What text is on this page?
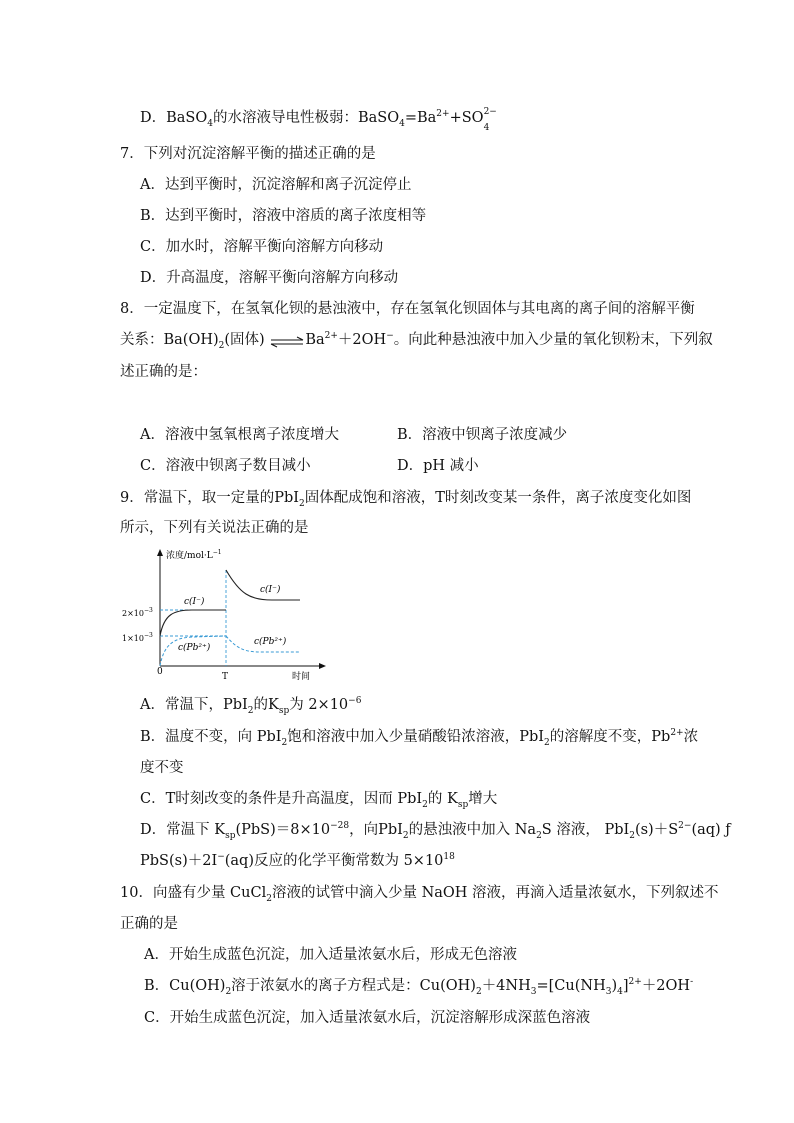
D．BaSO$_4$的水溶液导电性极弱：$BaSO_4=Ba^{2+}+SO$ 2−
4
7．下列对沉淀溶解平衡的描述正确的是
A．达到平衡时，沉淀溶解和离子沉淀停止
B．达到平衡时，溶液中溶质的离子浓度相等
C．加水时，溶解平衡向溶解方向移动
D．升高温度，溶解平衡向溶解方向移动
8．一定温度下，在氢氧化钡的悬浊液中，存在氢氧化钡固体与其电离的离子间的溶解平衡
关系：$Ba(OH)_2$(固体) $\rightleftharpoons Ba^{2+}+2OH^-$。向此种悬浊液中加入少量的氧化钡粉末，下列叙
述正确的是：
A．溶液中氢氧根离子浓度增大	B．溶液中钡离子浓度减少
C．溶液中钡离子数目减小	D．pH 减小
9．常温下，取一定量的PbI$_2$固体配成饱和溶液，T时刻改变某一条件，离子浓度变化如图
所示，下列有关说法正确的是
浓度$/mol\cdot L^{-1}$
时间
0	T
$2\times 10^{-3}$
$1\times 10^{-3}$
c(I⁻)
c(Pb²⁺)
c(I⁻)
c(Pb²⁺)
A．常温下，PbI$_2$的$K_{sp}$为 $2\times 10^{-6}$
B．温度不变，向 PbI$_2$饱和溶液中加入少量硝酸铅浓溶液，PbI$_2$的溶解度不变，$Pb^{2+}$浓
度不变
C．T时刻改变的条件是升高温度，因而 PbI$_2$的 $K_{sp}$增大
D．常温下 $K_{sp}(PbS)=8\times 10^{-28}$，向PbI$_2$的悬浊液中加入 $Na_2S$ 溶液， $PbI_2(s)+S^{2-}(aq)$ ƒ
PbS(s)＋2I−(aq)反应的化学平衡常数为 $5\times 10^{18}$
10．向盛有少量 CuCl$_2$溶液的试管中滴入少量 NaOH 溶液，再滴入适量浓氨水，下列叙述不
正确的是
A．开始生成蓝色沉淀，加入适量浓氨水后，形成无色溶液
B．$Cu(OH)_2$溶于浓氨水的离子方程式是：$Cu(OH)_2+4NH_3=[Cu(NH_3)_4]^{2+}+2OH^-$
C．开始生成蓝色沉淀，加入适量浓氨水后，沉淀溶解形成深蓝色溶液
